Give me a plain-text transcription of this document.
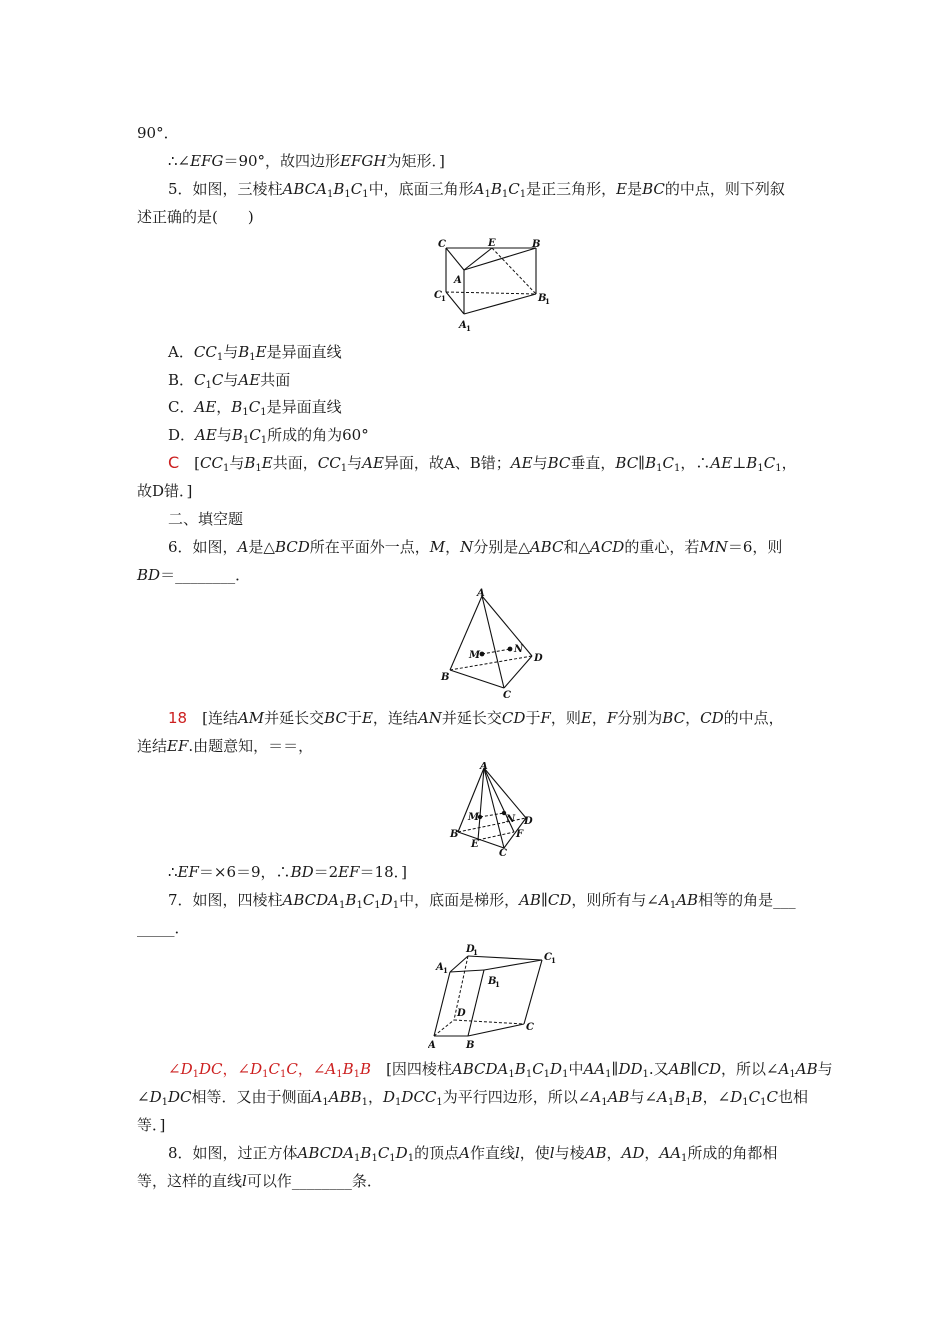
90°．
∴∠EFG＝90°，故四边形EFGH为矩形．]
5．如图，三棱柱$ABCA_1B_1C_1$中，底面三角形$A_1B_1C_1$是正三角形，E是BC的中点，则下列叙
述正确的是(　　)
C	E	B
A
C 1	B
1
A 1
A．$CC_1$与$B_1E$是异面直线
B．$C_1C$与AE共面
C．AE，$B_1C_1$是异面直线
D．AE与$B_1C_1$所成的角为60°
C　[$CC_1$与$B_1E$共面，$CC_1$与AE异面，故A、B错；AE与BC垂直，$BC\parallel B_1C_1$，$\therefore AE\perp B_1C_1$，
故D错．]
二、填空题
6．如图，A是△BCD所在平面外一点，M，N分别是△ABC和△ACD的重心，若MN＝6，则
BD＝________．
A
M
N
D
B
C
18　[连结AM并延长交BC于E，连结AN并延长交CD于F，则E，F分别为BC，CD的中点，
连结EF.由题意知，＝＝，
A
M	N D
B	F
E
C
∴EF＝×6＝9，∴BD＝2EF＝18．]
7．如图，四棱柱$ABCDA_1B_1C_1D_1$中，底面是梯形，AB∥CD，则所有与$\angle A_1AB$相等的角是___
_____．
D
1	C 1
A 1
B
1
D
C
A	B
$\angle D_1DC$，$\angle D_1C_1C$，$\angle A_1B_1B$　[因四棱柱$ABCDA_1B_1C_1D_1$中$AA_1\parallel DD_1$.又AB∥CD，所以$\angle A_1AB$与
$\angle D_1DC$相等．又由于侧面$A_1ABB_1$，$D_1DCC_1$为平行四边形，所以$\angle A_1AB$与$\angle A_1B_1B$，$\angle D_1C_1C$也相
等．]
8．如图，过正方体$ABCDA_1B_1C_1D_1$的顶点A作直线l，使l与棱AB，AD，$AA_1$所成的角都相
等，这样的直线l可以作________条．
